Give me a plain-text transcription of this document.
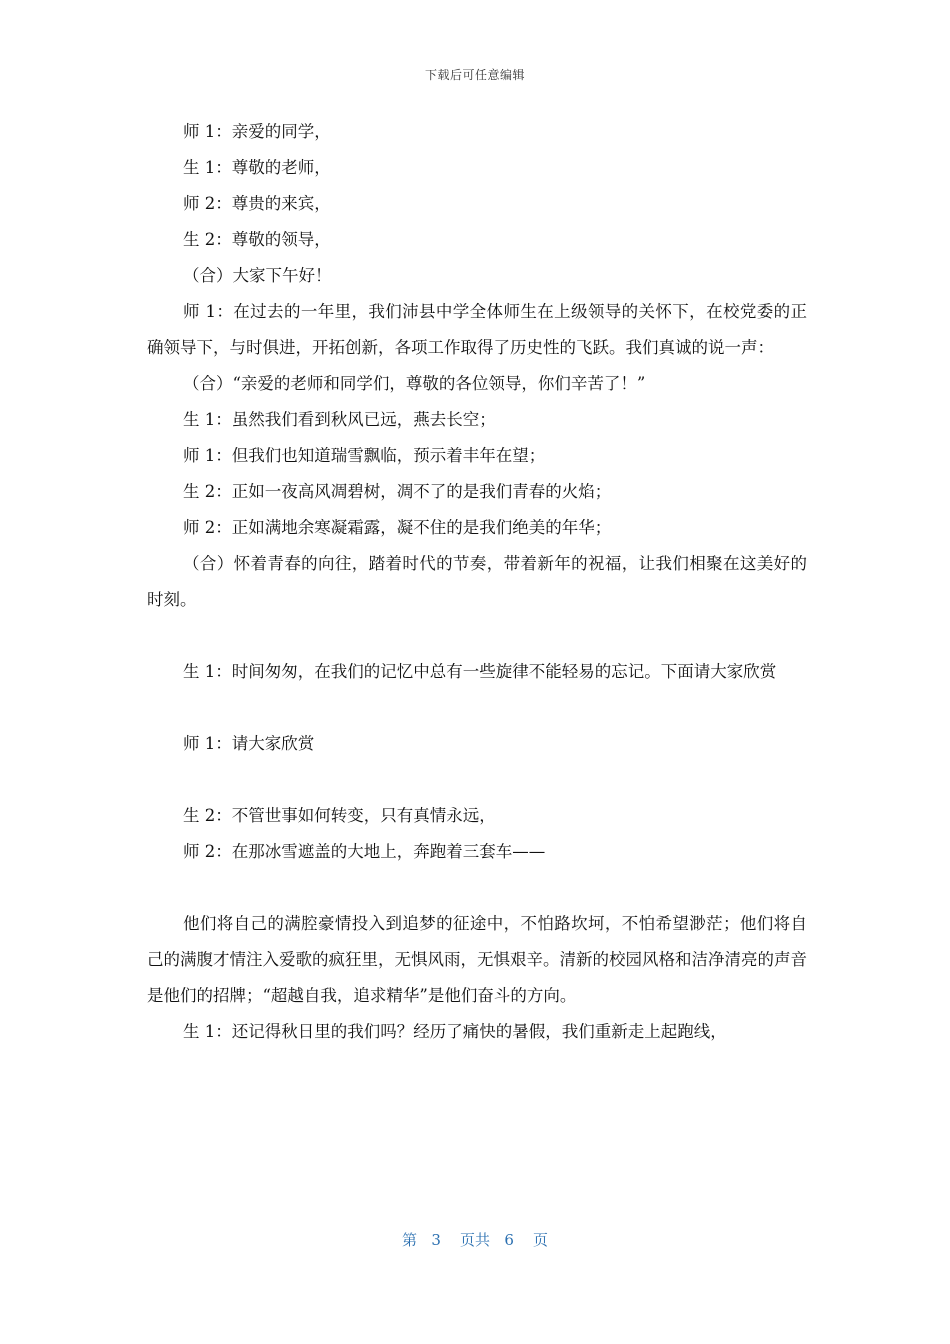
下载后可任意编辑

师 1：亲爱的同学，

生 1：尊敬的老师，

师 2：尊贵的来宾，

生 2：尊敬的领导，

（合）大家下午好！

师 1：在过去的一年里，我们沛县中学全体师生在上级领导的关怀下，在校党委的正确领导下，与时俱进，开拓创新，各项工作取得了历史性的飞跃。我们真诚的说一声：

（合）“亲爱的老师和同学们，尊敬的各位领导，你们辛苦了！”

生 1：虽然我们看到秋风已远，燕去长空；

师 1：但我们也知道瑞雪飘临，预示着丰年在望；

生 2：正如一夜高风凋碧树，凋不了的是我们青春的火焰；

师 2：正如满地余寒凝霜露，凝不住的是我们绝美的年华；

（合）怀着青春的向往，踏着时代的节奏，带着新年的祝福，让我们相聚在这美好的时刻。

生 1：时间匆匆，在我们的记忆中总有一些旋律不能轻易的忘记。下面请大家欣赏

师 1：请大家欣赏

生 2：不管世事如何转变，只有真情永远，

师 2：在那冰雪遮盖的大地上，奔跑着三套车——

他们将自己的满腔豪情投入到追梦的征途中，不怕路坎坷，不怕希望渺茫；他们将自己的满腹才情注入爱歌的疯狂里，无惧风雨，无惧艰辛。清新的校园风格和洁净清亮的声音是他们的招牌；“超越自我，追求精华”是他们奋斗的方向。

生 1：还记得秋日里的我们吗？经历了痛快的暑假，我们重新走上起跑线，

第 3 页共 6 页
